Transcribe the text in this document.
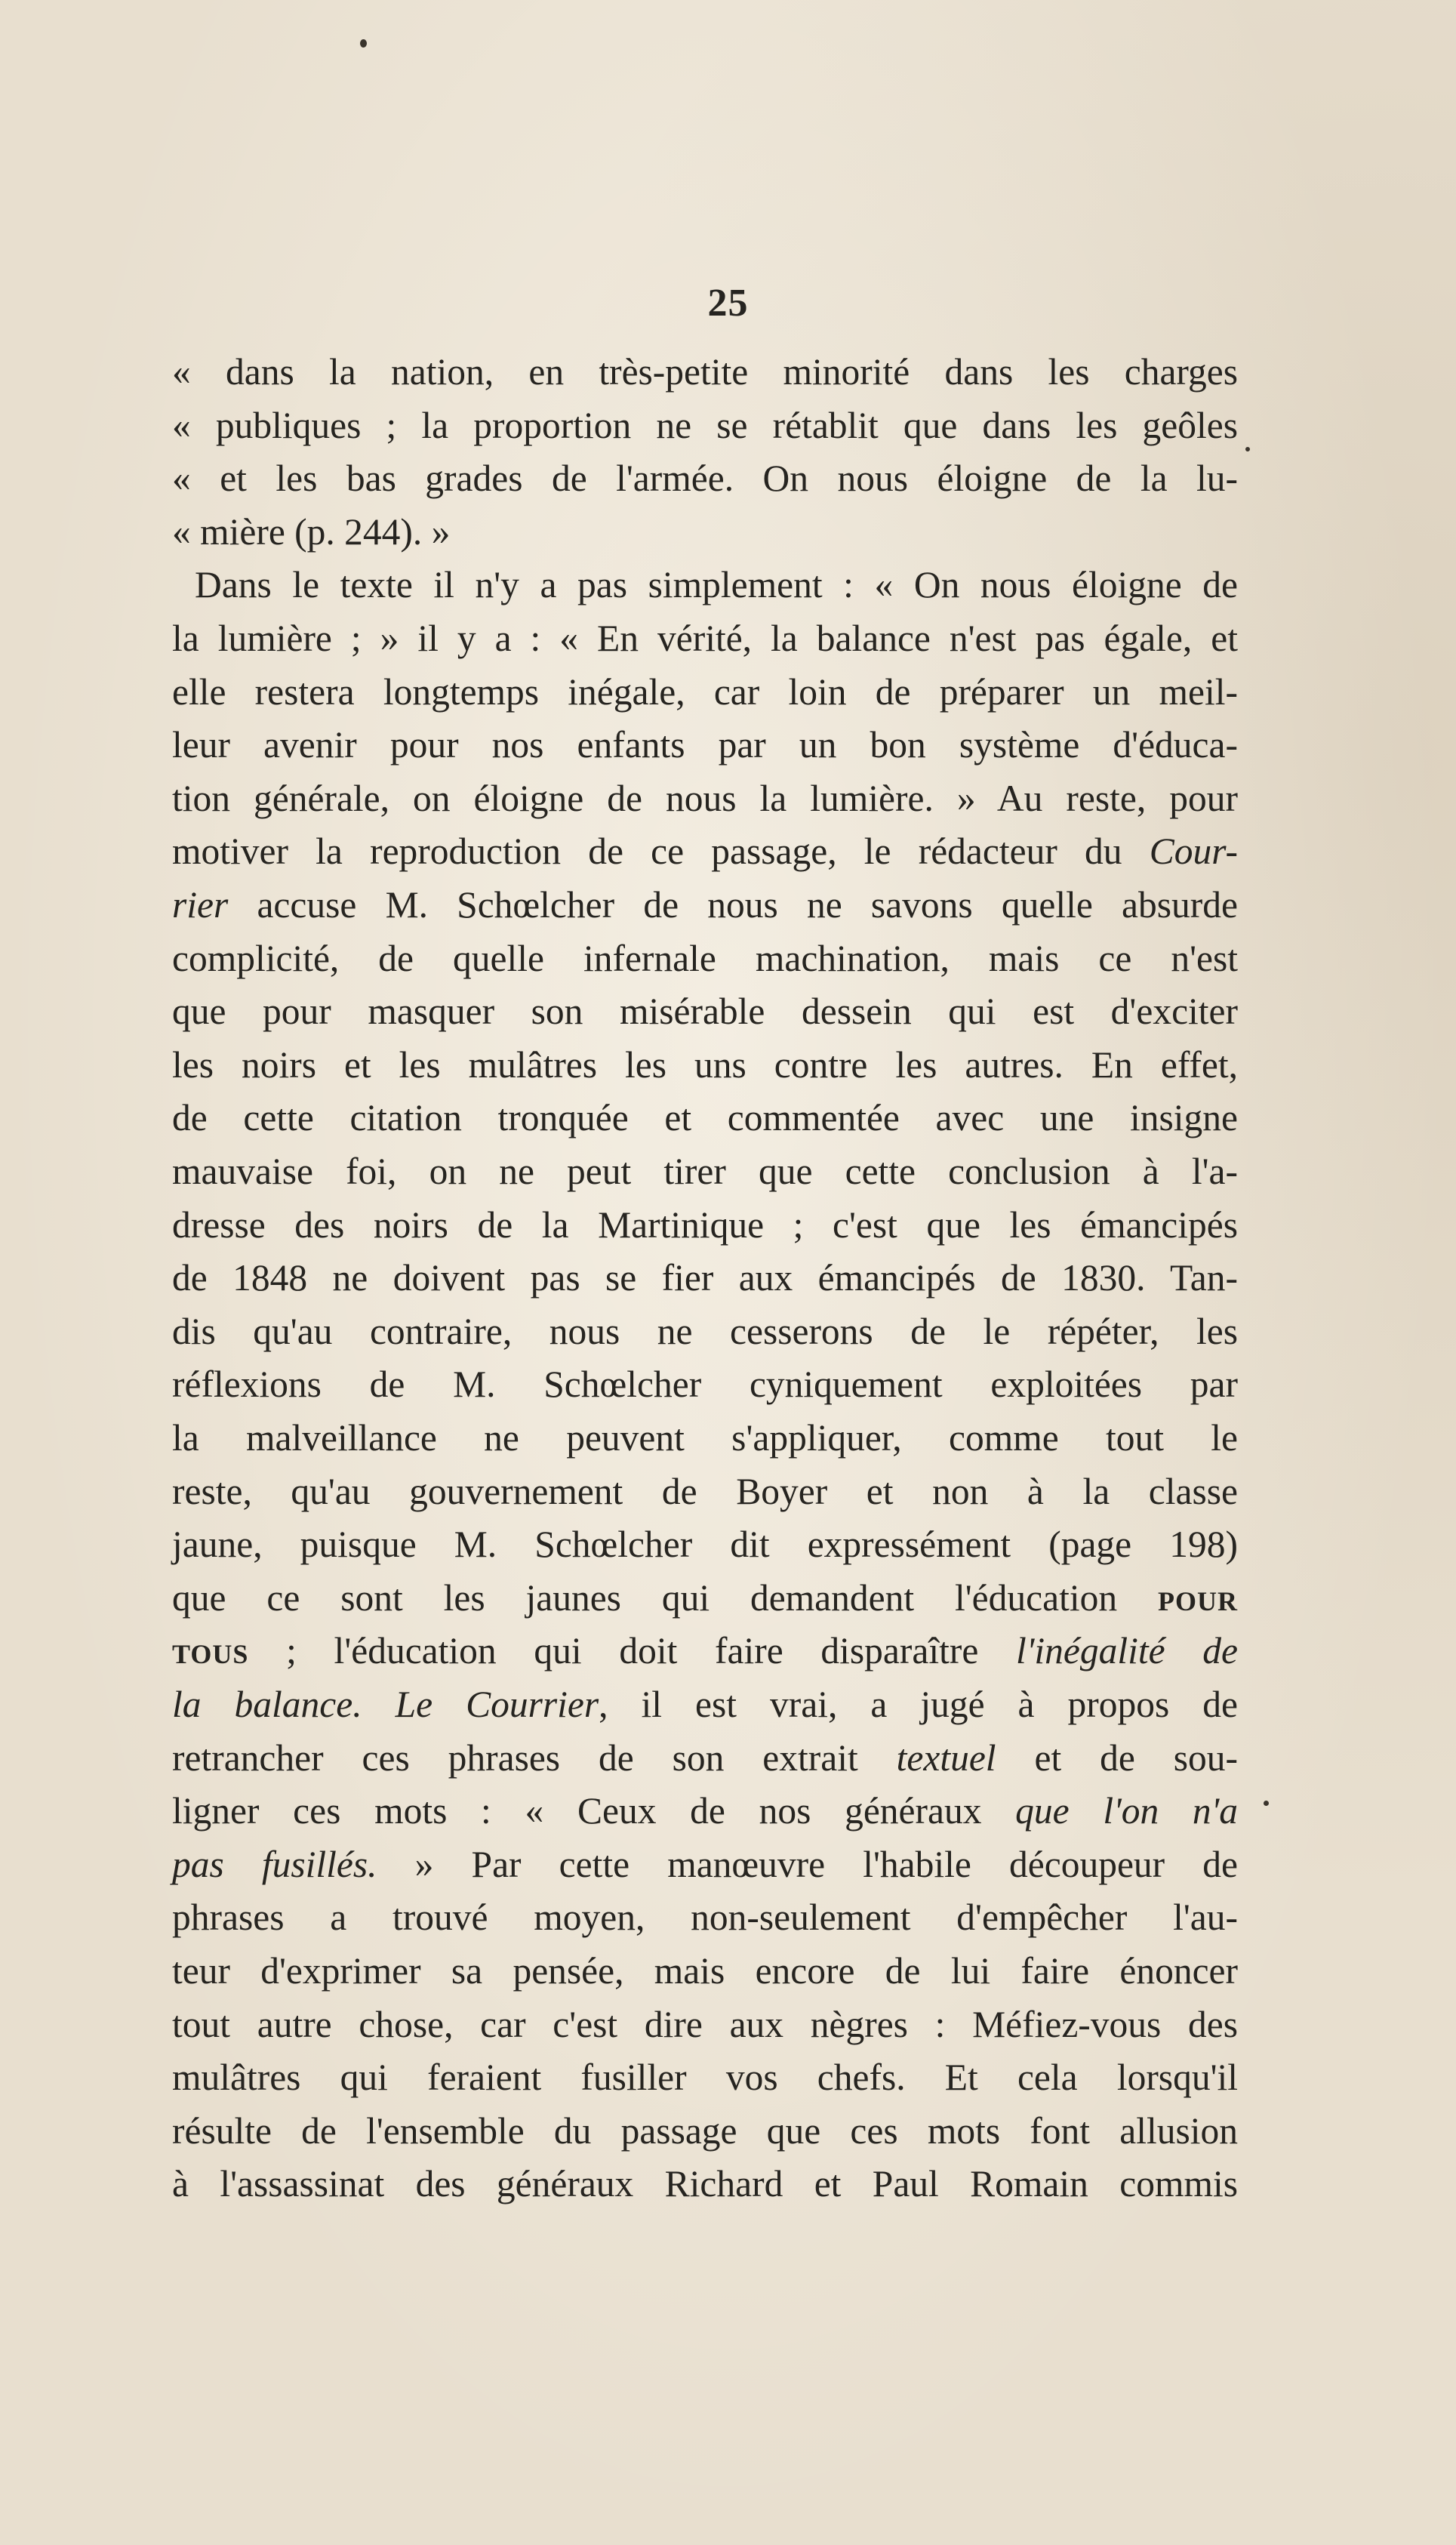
25
« dans la nation, en très-petite minorité dans les charges
« publiques ; la proportion ne se rétablit que dans les geôles
« et les bas grades de l'armée. On nous éloigne de la lu-
« mière (p. 244). »
Dans le texte il n'y a pas simplement : « On nous éloigne de
la lumière ; » il y a : « En vérité, la balance n'est pas égale, et
elle restera longtemps inégale, car loin de préparer un meil-
leur avenir pour nos enfants par un bon système d'éduca-
tion générale, on éloigne de nous la lumière. » Au reste, pour
motiver la reproduction de ce passage, le rédacteur du Cour-
rier accuse M. Schœlcher de nous ne savons quelle absurde
complicité, de quelle infernale machination, mais ce n'est
que pour masquer son misérable dessein qui est d'exciter
les noirs et les mulâtres les uns contre les autres. En effet,
de cette citation tronquée et commentée avec une insigne
mauvaise foi, on ne peut tirer que cette conclusion à l'a-
dresse des noirs de la Martinique ; c'est que les émancipés
de 1848 ne doivent pas se fier aux émancipés de 1830. Tan-
dis qu'au contraire, nous ne cesserons de le répéter, les
réflexions de M. Schœlcher cyniquement exploitées par
la malveillance ne peuvent s'appliquer, comme tout le
reste, qu'au gouvernement de Boyer et non à la classe
jaune, puisque M. Schœlcher dit expressément (page 198)
que ce sont les jaunes qui demandent l'éducation POUR
TOUS ; l'éducation qui doit faire disparaître l'inégalité de
la balance. Le Courrier, il est vrai, a jugé à propos de
retrancher ces phrases de son extrait textuel et de sou-
ligner ces mots : « Ceux de nos généraux que l'on n'a
pas fusillés. » Par cette manœuvre l'habile découpeur de
phrases a trouvé moyen, non-seulement d'empêcher l'au-
teur d'exprimer sa pensée, mais encore de lui faire énoncer
tout autre chose, car c'est dire aux nègres : Méfiez-vous des
mulâtres qui feraient fusiller vos chefs. Et cela lorsqu'il
résulte de l'ensemble du passage que ces mots font allusion
à l'assassinat des généraux Richard et Paul Romain commis
